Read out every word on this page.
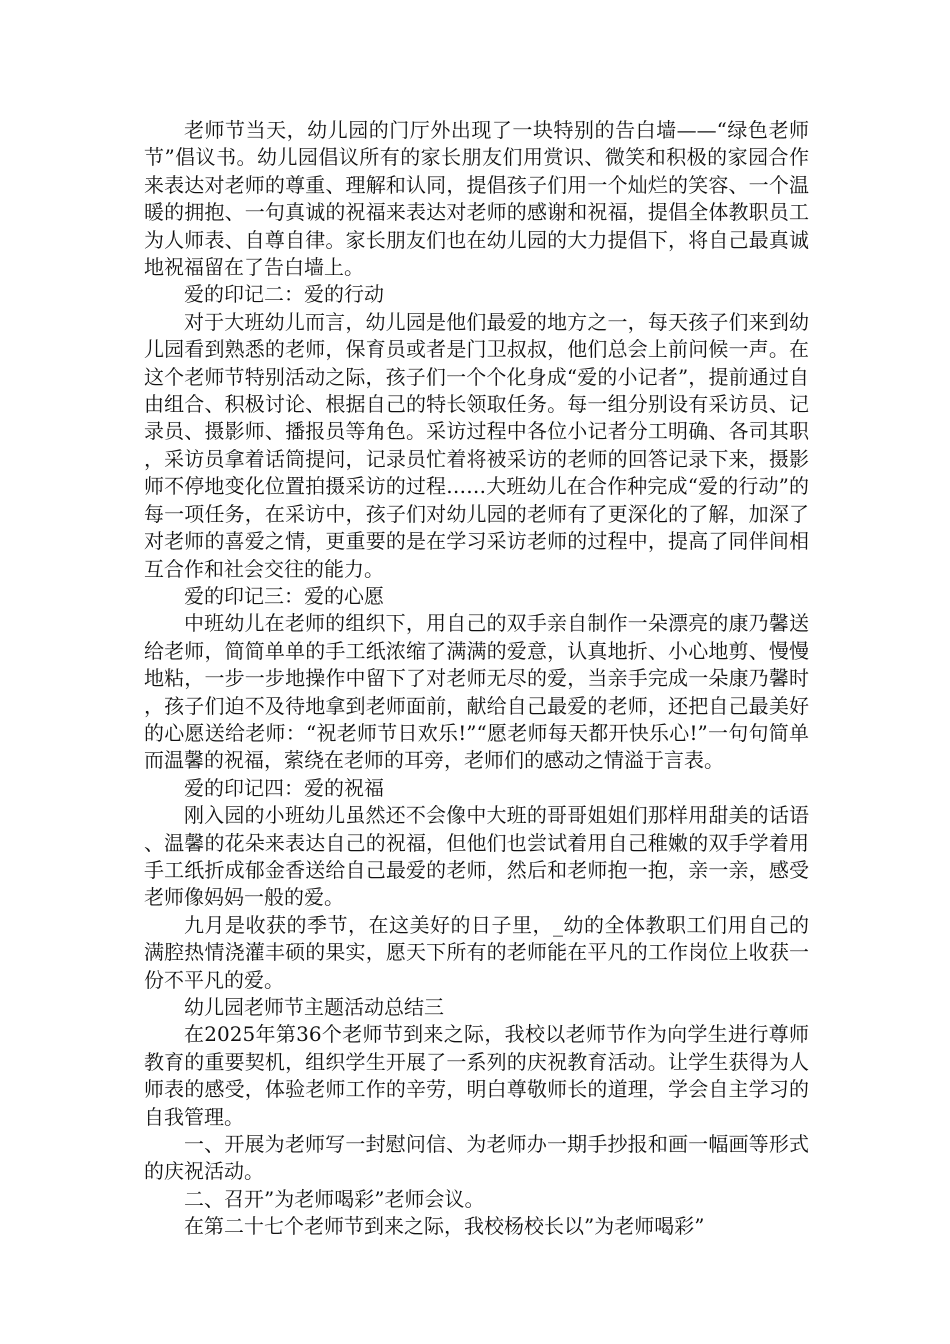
老师节当天，幼儿园的门厅外出现了一块特别的告白墙——“绿色老师节”倡议书。幼儿园倡议所有的家长朋友们用赏识、微笑和积极的家园合作来表达对老师的尊重、理解和认同，提倡孩子们用一个灿烂的笑容、一个温暖的拥抱、一句真诚的祝福来表达对老师的感谢和祝福，提倡全体教职员工为人师表、自尊自律。家长朋友们也在幼儿园的大力提倡下，将自己最真诚地祝福留在了告白墙上。

爱的印记二：爱的行动

对于大班幼儿而言，幼儿园是他们最爱的地方之一，每天孩子们来到幼儿园看到熟悉的老师，保育员或者是门卫叔叔，他们总会上前问候一声。在这个老师节特别活动之际，孩子们一个个化身成“爱的小记者”，提前通过自由组合、积极讨论、根据自己的特长领取任务。每一组分别设有采访员、记录员、摄影师、播报员等角色。采访过程中各位小记者分工明确、各司其职，采访员拿着话筒提问，记录员忙着将被采访的老师的回答记录下来，摄影师不停地变化位置拍摄采访的过程……大班幼儿在合作种完成“爱的行动”的每一项任务，在采访中，孩子们对幼儿园的老师有了更深化的了解，加深了对老师的喜爱之情，更重要的是在学习采访老师的过程中，提高了同伴间相互合作和社会交往的能力。

爱的印记三：爱的心愿

中班幼儿在老师的组织下，用自己的双手亲自制作一朵漂亮的康乃馨送给老师，简简单单的手工纸浓缩了满满的爱意，认真地折、小心地剪、慢慢地粘，一步一步地操作中留下了对老师无尽的爱，当亲手完成一朵康乃馨时，孩子们迫不及待地拿到老师面前，献给自己最爱的老师，还把自己最美好的心愿送给老师：“祝老师节日欢乐!”“愿老师每天都开快乐心!”一句句简单而温馨的祝福，萦绕在老师的耳旁，老师们的感动之情溢于言表。

爱的印记四：爱的祝福

刚入园的小班幼儿虽然还不会像中大班的哥哥姐姐们那样用甜美的话语、温馨的花朵来表达自己的祝福，但他们也尝试着用自己稚嫩的双手学着用手工纸折成郁金香送给自己最爱的老师，然后和老师抱一抱，亲一亲，感受老师像妈妈一般的爱。

九月是收获的季节，在这美好的日子里，_幼的全体教职工们用自己的满腔热情浇灌丰硕的果实，愿天下所有的老师能在平凡的工作岗位上收获一份不平凡的爱。

幼儿园老师节主题活动总结三

在2025年第36个老师节到来之际，我校以老师节作为向学生进行尊师教育的重要契机，组织学生开展了一系列的庆祝教育活动。让学生获得为人师表的感受，体验老师工作的辛劳，明白尊敬师长的道理，学会自主学习的自我管理。

一、开展为老师写一封慰问信、为老师办一期手抄报和画一幅画等形式的庆祝活动。

二、召开”为老师喝彩”老师会议。

在第二十七个老师节到来之际，我校杨校长以”为老师喝彩”
